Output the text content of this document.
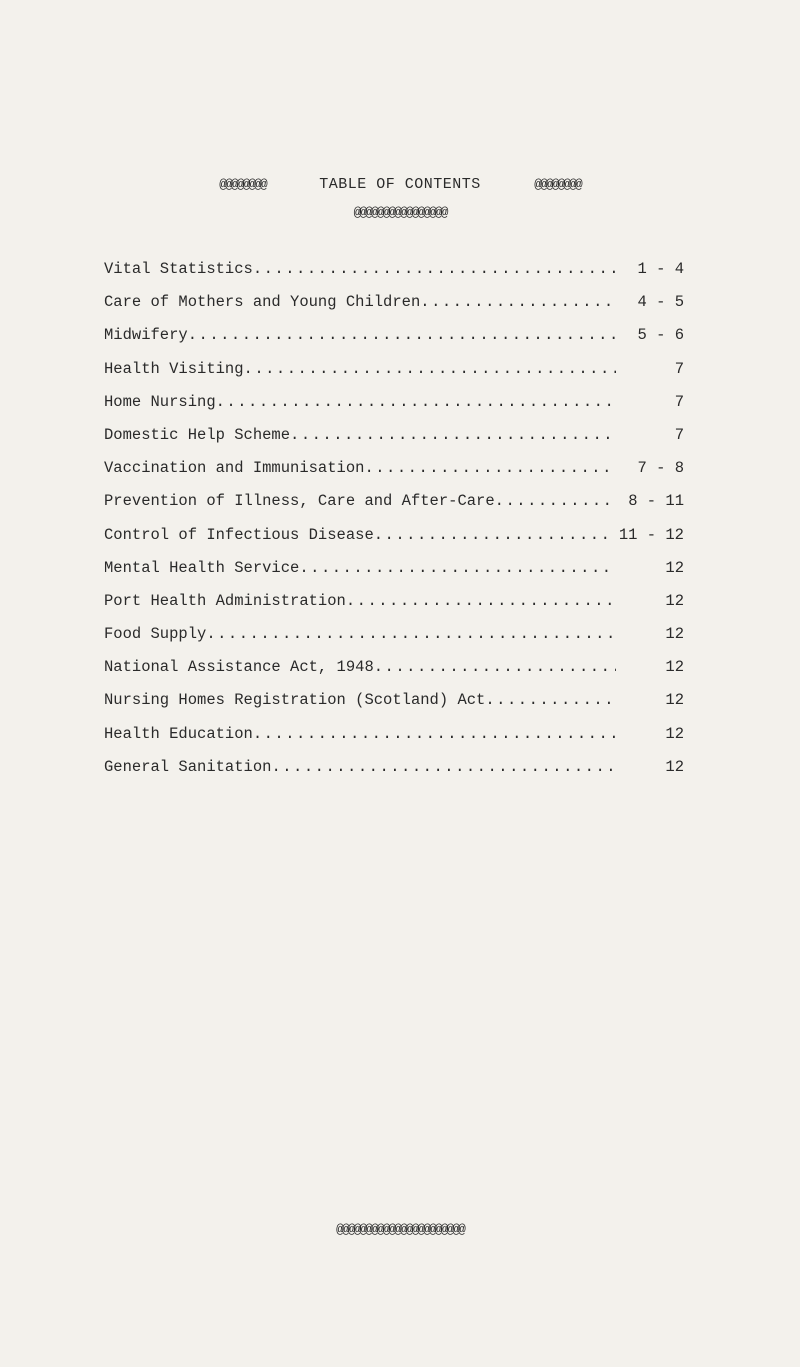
@@@@@@@@	TABLE OF CONTENTS	@@@@@@@@
@@@@@@@@@@@@@@@@
Vital Statistics .....	1 - 4
Care of Mothers and Young Children .....	4 - 5
Midwifery .....	5 - 6
Health Visiting .....	7
Home Nursing .....	7
Domestic Help Scheme .....	7
Vaccination and Immunisation .....	7 - 8
Prevention of Illness, Care and After-Care .....	8 - 11
Control of Infectious Disease .....	11 - 12
Mental Health Service .....	12
Port Health Administration .....	12
Food Supply .....	12
National Assistance Act, 1948 .....	12
Nursing Homes Registration (Scotland) Act .....	12
Health Education .....	12
General Sanitation .....	12
@@@@@@@@@@@@@@@@@@@@@@
